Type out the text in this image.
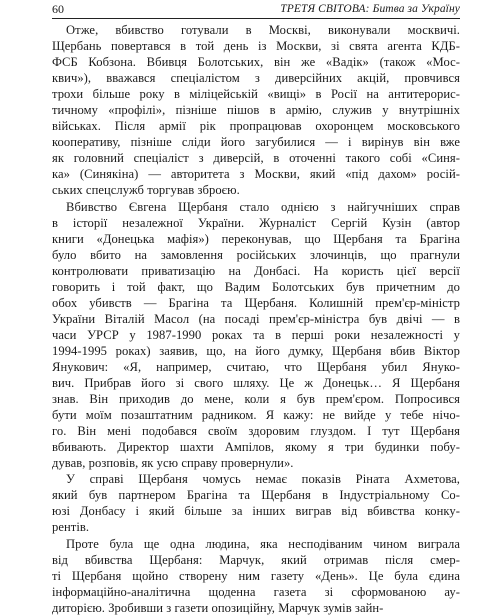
60	ТРЕТЯ СВІТОВА: Битва за Україну
Отже, вбивство готували в Москві, виконували москвичі.
Щербань повертався в той день із Москви, зі свята агента КДБ-
ФСБ Кобзона. Вбивця Болотських, він же «Вадік» (також «Мос-
квич»), вважався спеціалістом з диверсійних акцій, провчився
трохи більше року в міліцейській «вищі» в Росії на антитерорис-
тичному «профілі», пізніше пішов в армію, служив у внутрішніх
військах. Після армії рік пропрацював охоронцем московського
кооперативу, пізніше сліди його загубилися — і вирінув він вже
як головний спеціаліст з диверсій, в оточенні такого собі «Синя-
ка» (Синякіна) — авторитета з Москви, який «під дахом» росій-
ських спецслужб торгував зброєю.
Вбивство Євгена Щербаня стало однією з найгучніших справ
в історії незалежної України. Журналіст Сергій Кузін (автор
книги «Донецька мафія») переконував, що Щербаня та Брагіна
було вбито на замовлення російських злочинців, що прагнули
контролювати приватизацію на Донбасі. На користь цієї версії
говорить і той факт, що Вадим Болотських був причетним до
обох убивств — Брагіна та Щербаня. Колишній прем'єр-міністр
України Віталій Масол (на посаді прем'єр-міністра був двічі — в
часи УРСР у 1987-1990 роках та в перші роки незалежності у
1994-1995 роках) заявив, що, на його думку, Щербаня вбив Віктор
Янукович: «Я, например, считаю, что Щербаня убил Януко-
вич. Прибрав його зі свого шляху. Це ж Донецьк… Я Щербаня
знав. Він приходив до мене, коли я був прем'єром. Попросився
бути моїм позаштатним радником. Я кажу: не вийде у тебе нічо-
го. Він мені подобався своїм здоровим глуздом. І тут Щербаня
вбивають. Директор шахти Ампілов, якому я три будинки побу-
дував, розповів, як усю справу провернули».
У справі Щербаня чомусь немає показів Ріната Ахметова,
який був партнером Брагіна та Щербаня в Індустріальному Со-
юзі Донбасу і який більше за інших виграв від вбивства конку-
рентів.
Проте була ще одна людина, яка несподіваним чином виграла
від вбивства Щербаня: Марчук, який отримав після смер-
ті Щербаня щойно створену ним газету «День». Це була єдина
інформаційно-аналітична щоденна газета зі сформованою ау-
диторією. Зробивши з газети опозиційну, Марчук зумів зайн-
